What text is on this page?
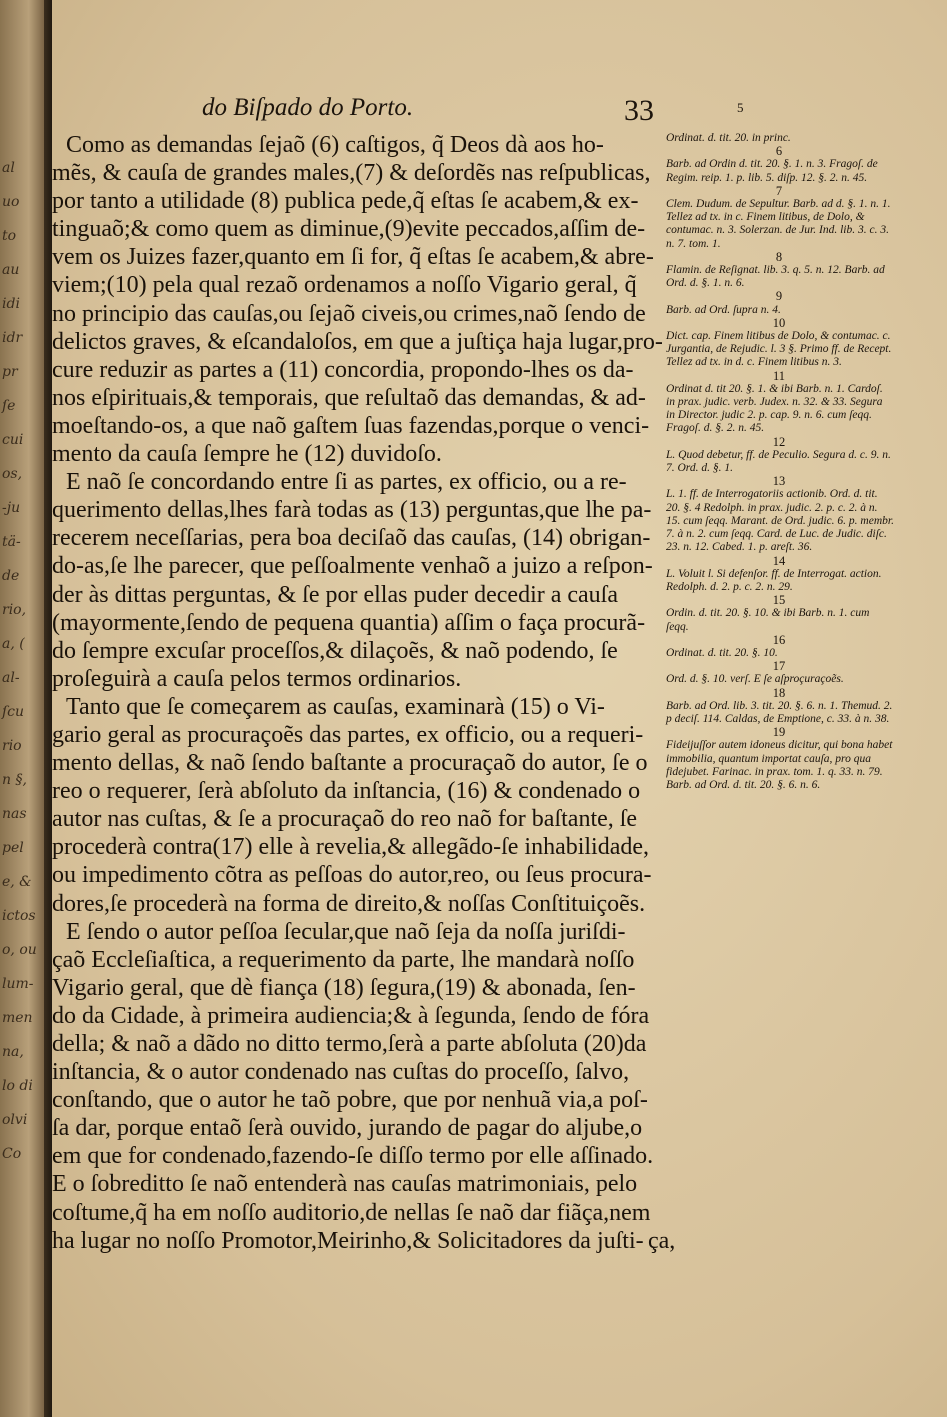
al
uo
to
au
idi
idr
pr
ſe
cui
os,
-ju
tä-
de
rio,
a, (
al-
ſcu
rio
n §,
nas
pel
e, &
ictos
o, ou
lum-
men
na,
lo di
olvi
Co
do Biſpado do Porto.	33	5
Como as demandas ſejaõ (6) caſtigos, q̃ Deos dà aos ho-
mẽs, & cauſa de grandes males,(7) & deſordẽs nas reſpublicas,
por tanto a utilidade (8) publica pede,q̃ eſtas ſe acabem,& ex-
tinguaõ;& como quem as diminue,(9)evite peccados,aſſim de-
vem os Juizes fazer,quanto em ſi for, q̃ eſtas ſe acabem,& abre-
viem;(10) pela qual rezaõ ordenamos a noſſo Vigario geral, q̃
no principio das cauſas,ou ſejaõ civeis,ou crimes,naõ ſendo de
delictos graves, & eſcandaloſos, em que a juſtiça haja lugar,pro-
cure reduzir as partes a (11) concordia, propondo-lhes os da-
nos eſpirituais,& temporais, que reſultaõ das demandas, & ad-
moeſtando-os, a que naõ gaſtem ſuas fazendas,porque o venci-
mento da cauſa ſempre he (12) duvidoſo.
E naõ ſe concordando entre ſi as partes, ex officio, ou a re-
querimento dellas,lhes farà todas as (13) perguntas,que lhe pa-
recerem neceſſarias, pera boa deciſaõ das cauſas, (14) obrigan-
do-as,ſe lhe parecer, que peſſoalmente venhaõ a juizo a reſpon-
der às dittas perguntas, & ſe por ellas puder decedir a cauſa
(mayormente,ſendo de pequena quantia) aſſim o faça procurã-
do ſempre excuſar proceſſos,& dilaçoẽs, & naõ podendo, ſe
proſeguirà a cauſa pelos termos ordinarios.
Tanto que ſe começarem as cauſas, examinarà (15) o Vi-
gario geral as procuraçoẽs das partes, ex officio, ou a requeri-
mento dellas, & naõ ſendo baſtante a procuraçaõ do autor, ſe o
reo o requerer, ſerà abſoluto da inſtancia, (16) & condenado o
autor nas cuſtas, & ſe a procuraçaõ do reo naõ for baſtante, ſe
procederà contra(17) elle à revelia,& allegãdo-ſe inhabilidade,
ou impedimento cõtra as peſſoas do autor,reo, ou ſeus procura-
dores,ſe procederà na forma de direito,& noſſas Conſtituiçoẽs.
E ſendo o autor peſſoa ſecular,que naõ ſeja da noſſa juriſdi-
çaõ Eccleſiaſtica, a requerimento da parte, lhe mandarà noſſo
Vigario geral, que dè fiança (18) ſegura,(19) & abonada, ſen-
do da Cidade, à primeira audiencia;& à ſegunda, ſendo de fóra
della; & naõ a dãdo no ditto termo,ſerà a parte abſoluta (20)da
inſtancia, & o autor condenado nas cuſtas do proceſſo, ſalvo,
conſtando, que o autor he taõ pobre, que por nenhuã via,a poſ-
ſa dar, porque entaõ ſerà ouvido, jurando de pagar do aljube,o
em que for condenado,fazendo-ſe diſſo termo por elle aſſinado.
E o ſobreditto ſe naõ entenderà nas cauſas matrimoniais, pelo
coſtume,q̃ ha em noſſo auditorio,de nellas ſe naõ dar fiãça,nem
ha lugar no noſſo Promotor,Meirinho,& Solicitadores da juſti-
Ordinat. d. tit. 20. in princ.
6
Barb. ad Ordin d. tit. 20. §. 1. n. 3. Fragoſ. de Regim. reip. 1. p. lib. 5. diſp. 12. §. 2. n. 45.
7
Clem. Dudum. de Sepultur. Barb. ad d. §. 1. n. 1. Tellez ad tx. in c. Finem litibus, de Dolo, & contumac. n. 3. Solerzan. de Jur. Ind. lib. 3. c. 3. n. 7. tom. 1.
8
Flamin. de Reſignat. lib. 3. q. 5. n. 12. Barb. ad Ord. d. §. 1. n. 6.
9
Barb. ad Ord. ſupra n. 4.
10
Dict. cap. Finem litibus de Dolo, & contumac. c. Jurgantia, de Rejudic. l. 3 §. Primo ff. de Recept. Tellez ad tx. in d. c. Finem litibus n. 3.
11
Ordinat d. tit 20. §. 1. & ibi Barb. n. 1. Cardoſ. in prax. judic. verb. Judex. n. 32. & 33. Segura in Director. judic 2. p. cap. 9. n. 6. cum ſeqq. Fragoſ. d. §. 2. n. 45.
12
L. Quod debetur, ff. de Peculio. Segura d. c. 9. n. 7. Ord. d. §. 1.
13
L. 1. ff. de Interrogatoriis actionib. Ord. d. tit. 20. §. 4 Redolph. in prax. judic. 2. p. c. 2. à n. 15. cum ſeqq. Marant. de Ord. judic. 6. p. membr. 7. à n. 2. cum ſeqq. Card. de Luc. de Judic. diſc. 23. n. 12. Cabed. 1. p. areſt. 36.
14
L. Voluit l. Si defenſor. ff. de Interrogat. action. Redolph. d. 2. p. c. 2. n. 29.
15
Ordin. d. tit. 20. §. 10. & ibi Barb. n. 1. cum ſeqq.
16
Ordinat. d. tit. 20. §. 10.
17
Ord. d. §. 10. verſ. E ſe aſproçuraçoẽs.
18
Barb. ad Ord. lib. 3. tit. 20. §. 6. n. 1. Themud. 2. p deciſ. 114. Caldas, de Emptione, c. 33. à n. 38.
19
Fideijuſſor autem idoneus dicitur, qui bona habet immobilia, quantum importat cauſa, pro qua fidejubet. Farinac. in prax. tom. 1. q. 33. n. 79. Barb. ad Ord. d. tit. 20. §. 6. n. 6.
ça,
